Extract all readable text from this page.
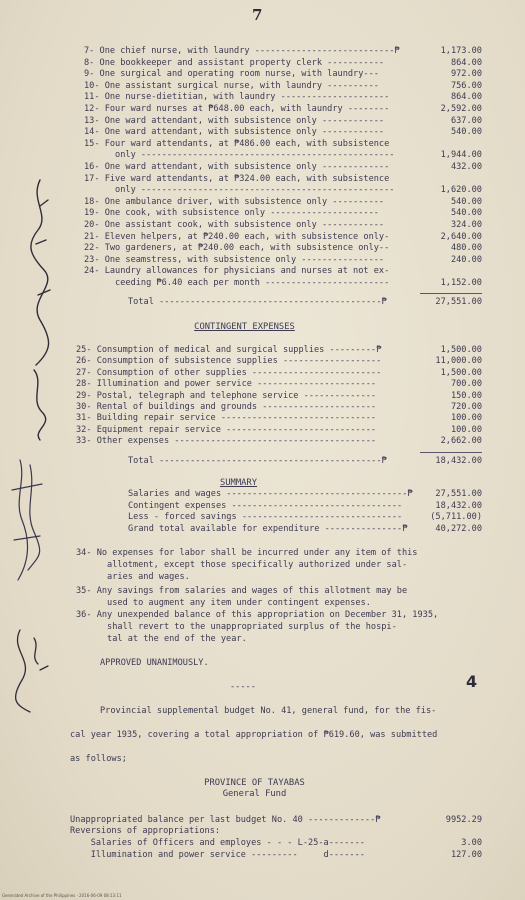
7
7- One chief nurse, with laundry ---------------------------₱	1,173.00
8- One bookkeeper and assistant property clerk -----------	864.00
9- One surgical and operating room nurse, with laundry---	972.00
10- One assistant surgical nurse, with laundry ----------	756.00
11- One nurse-dietitian, with laundry ---------------------	864.00
12- Four ward nurses at ₱648.00 each, with laundry --------	2,592.00
13- One ward attendant, with subsistence only ------------	637.00
14- One ward attendant, with subsistence only ------------	540.00
15- Four ward attendants, at ₱486.00 each, with subsistence
only -------------------------------------------------	1,944.00
16- One ward attendant, with subsistence only -------------	432.00
17- Five ward attendants, at ₱324.00 each, with subsistence
only -------------------------------------------------	1,620.00
18- One ambulance driver, with subsistence only ----------	540.00
19- One cook, with subsistence only ---------------------	540.00
20- One assistant cook, with subsistence only ------------	324.00
21- Eleven helpers, at ₱240.00 each, with subsistence only-	2,640.00
22- Two gardeners, at ₱240.00 each, with subsistence only--	480.00
23- One seamstress, with subsistence only ----------------	240.00
24- Laundry allowances for physicians and nurses at not ex-
ceeding ₱6.40 each per month ------------------------	1,152.00
Total -------------------------------------------₱	27,551.00
CONTINGENT EXPENSES
25- Consumption of medical and surgical supplies ---------₱	1,500.00
26- Consumption of subsistence supplies -------------------	11,000.00
27- Consumption of other supplies -------------------------	1,500.00
28- Illumination and power service -----------------------	700.00
29- Postal, telegraph and telephone service --------------	150.00
30- Rental of buildings and grounds ----------------------	720.00
31- Building repair service ------------------------------	100.00
32- Equipment repair service -----------------------------	100.00
33- Other expenses ---------------------------------------	2,662.00
Total -------------------------------------------₱	18,432.00
SUMMARY
Salaries and wages -----------------------------------₱	27,551.00
Contingent expenses ---------------------------------	18,432.00
Less - forced savings -------------------------------	(5,711.00)
Grand total available for expenditure ---------------₱	40,272.00
34- No expenses for labor shall be incurred under any item of this
allotment, except those specifically authorized under sal-
aries and wages.
35- Any savings from salaries and wages of this allotment may be
used to augment any item under contingent expenses.
36- Any unexpended balance of this appropriation on December 31, 1935,
shall revert to the unappropriated surplus of the hospi-
tal at the end of the year.
APPROVED UNANIMOUSLY.
-----	4
Provincial supplemental budget No. 41, general fund, for the fis-
cal year 1935, covering a total appropriation of ₱619.60, was submitted
as follows;
PROVINCE OF TAYABAS
General Fund
Unappropriated balance per last budget No. 40 -------------₱	9952.29
Reversions of appropriations:
Salaries of Officers and employes - - - L-25-a-------	3.00
Illumination and power service ---------     d-------	127.00
Generated Archive of the Philippines · 2016-06-09 08:13:11
